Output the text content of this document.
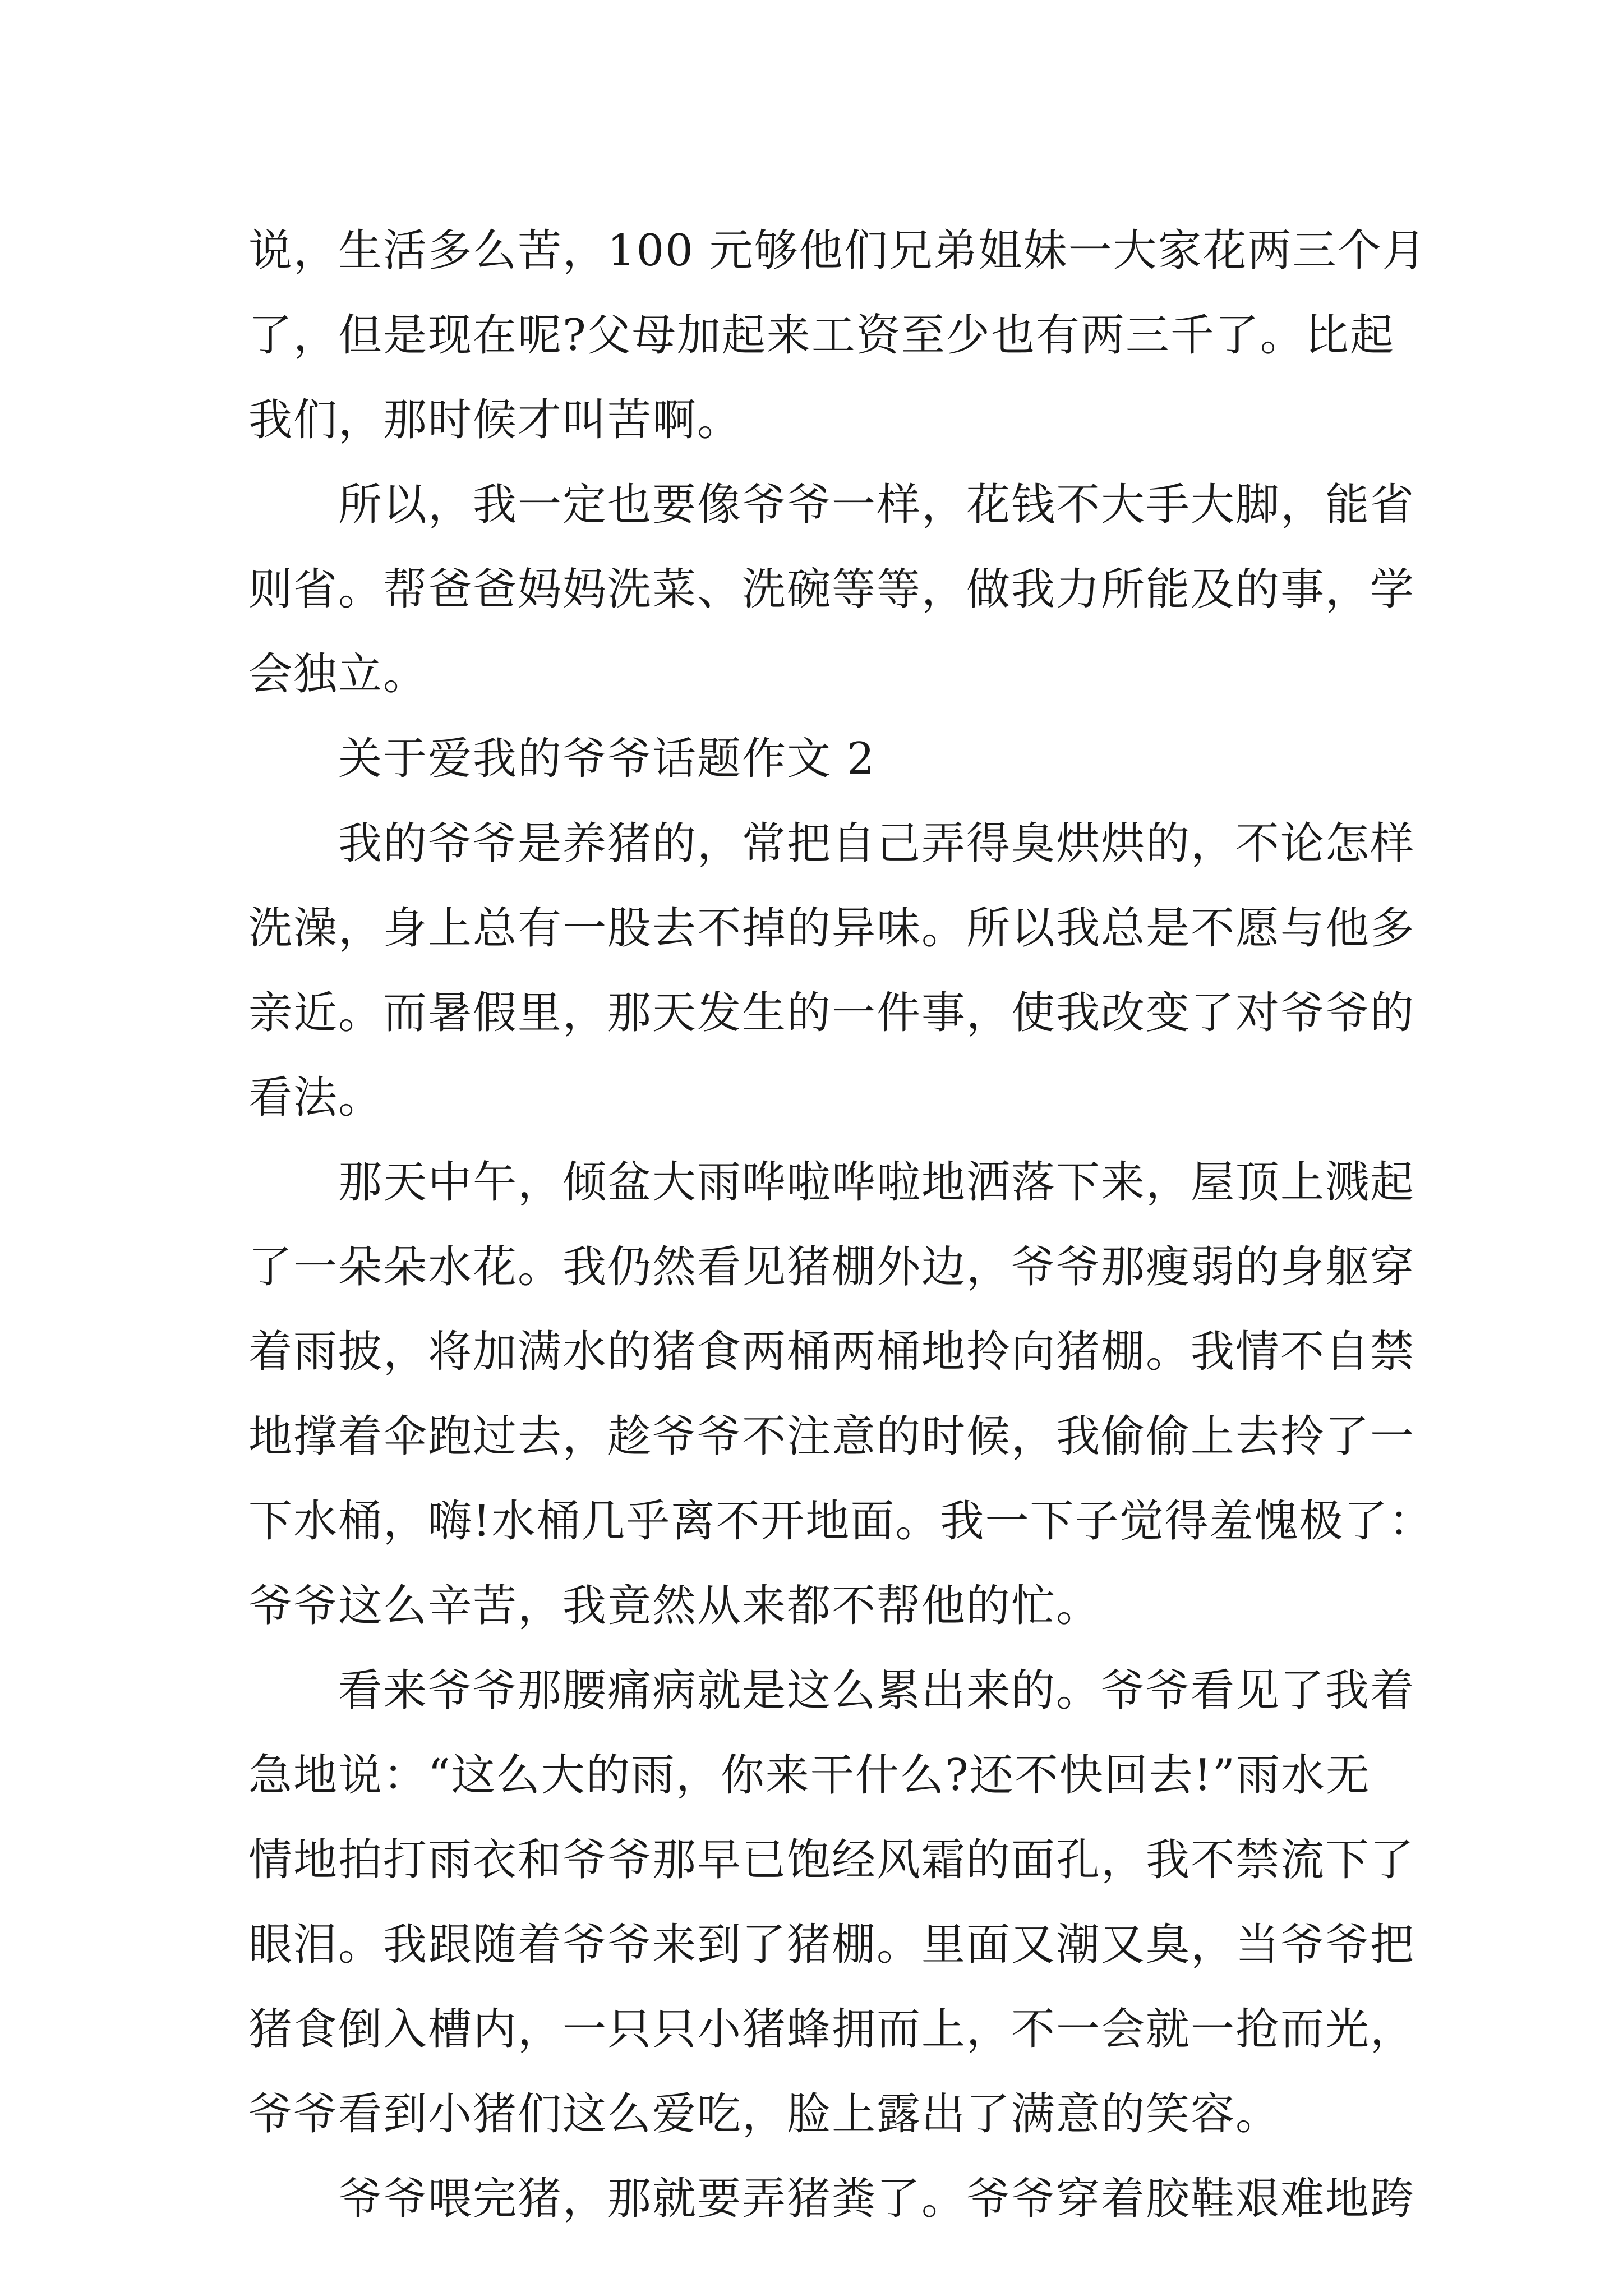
说，生活多么苦，100 元够他们兄弟姐妹一大家花两三个月
了，但是现在呢?父母加起来工资至少也有两三千了。比起
我们，那时候才叫苦啊。
所以，我一定也要像爷爷一样，花钱不大手大脚，能省
则省。帮爸爸妈妈洗菜、洗碗等等，做我力所能及的事，学
会独立。
关于爱我的爷爷话题作文 2
我的爷爷是养猪的，常把自己弄得臭烘烘的，不论怎样
洗澡，身上总有一股去不掉的异味。所以我总是不愿与他多
亲近。而暑假里，那天发生的一件事，使我改变了对爷爷的
看法。
那天中午，倾盆大雨哗啦哗啦地洒落下来，屋顶上溅起
了一朵朵水花。我仍然看见猪棚外边，爷爷那瘦弱的身躯穿
着雨披，将加满水的猪食两桶两桶地拎向猪棚。我情不自禁
地撑着伞跑过去，趁爷爷不注意的时候，我偷偷上去拎了一
下水桶，嗨!水桶几乎离不开地面。我一下子觉得羞愧极了：
爷爷这么辛苦，我竟然从来都不帮他的忙。
看来爷爷那腰痛病就是这么累出来的。爷爷看见了我着
急地说：“这么大的雨，你来干什么?还不快回去!”雨水无
情地拍打雨衣和爷爷那早已饱经风霜的面孔，我不禁流下了
眼泪。我跟随着爷爷来到了猪棚。里面又潮又臭，当爷爷把
猪食倒入槽内，一只只小猪蜂拥而上，不一会就一抢而光，
爷爷看到小猪们这么爱吃，脸上露出了满意的笑容。
爷爷喂完猪，那就要弄猪粪了。爷爷穿着胶鞋艰难地跨
